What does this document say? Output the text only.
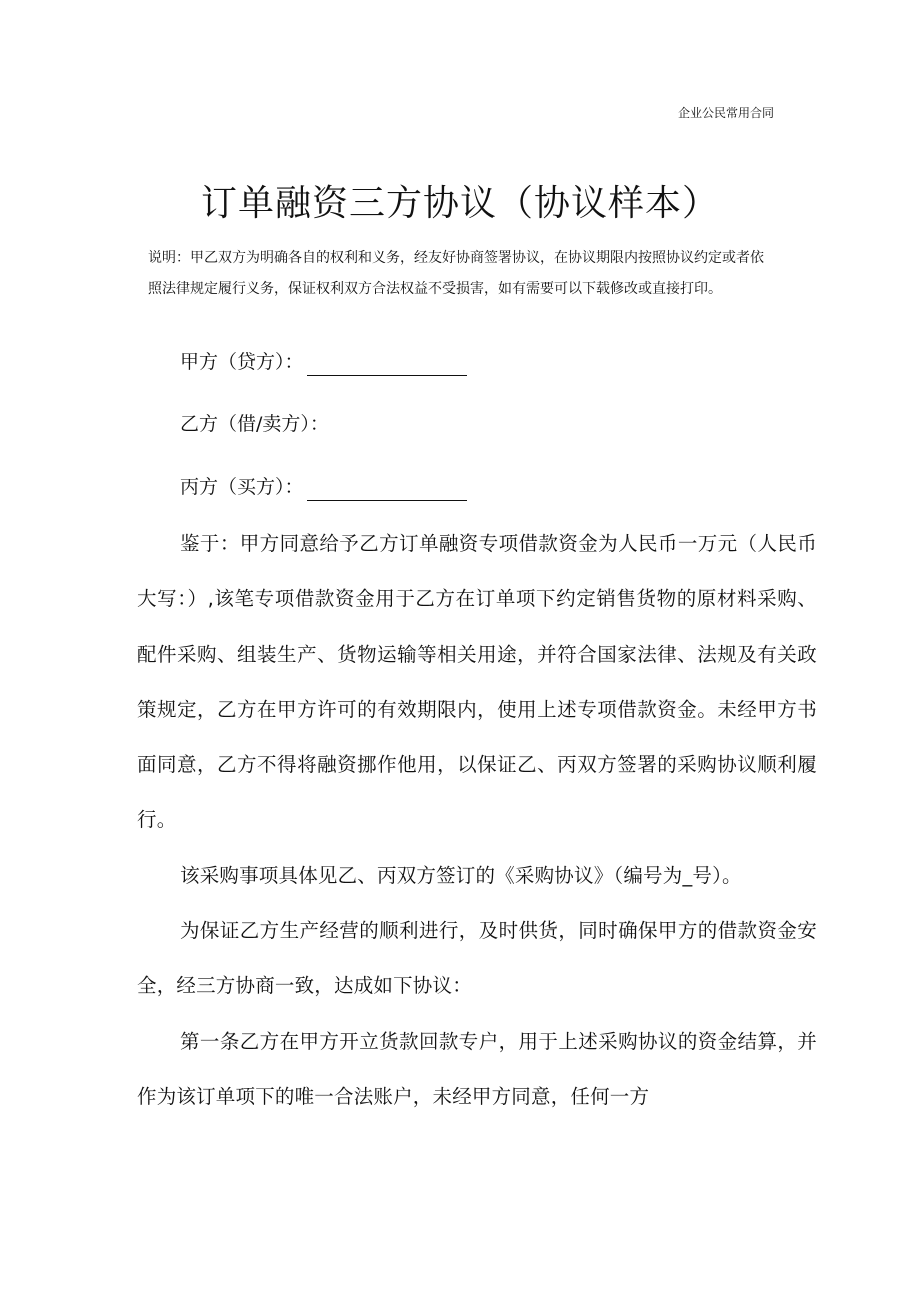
企业公民常用合同
订单融资三方协议（协议样本）

说明：甲乙双方为明确各自的权利和义务，经友好协商签署协议，在协议期限内按照协议约定或者依

照法律规定履行义务，保证权利双方合法权益不受损害，如有需要可以下载修改或直接打印。

甲方（贷方）：
乙方（借/卖方）：
丙方（买方）：

鉴于：甲方同意给予乙方订单融资专项借款资金为人民币一万元（人民币大写：）,该笔专项借款资金用于乙方在订单项下约定销售货物的原材料采购、配件采购、组装生产、货物运输等相关用途，并符合国家法律、法规及有关政策规定，乙方在甲方许可的有效期限内，使用上述专项借款资金。未经甲方书面同意，乙方不得将融资挪作他用，以保证乙、丙双方签署的采购协议顺利履行。

该采购事项具体见乙、丙双方签订的《采购协议》（编号为_号）。

为保证乙方生产经营的顺利进行，及时供货，同时确保甲方的借款资金安全，经三方协商一致，达成如下协议：

第一条乙方在甲方开立货款回款专户，用于上述采购协议的资金结算，并作为该订单项下的唯一合法账户，未经甲方同意，任何一方
